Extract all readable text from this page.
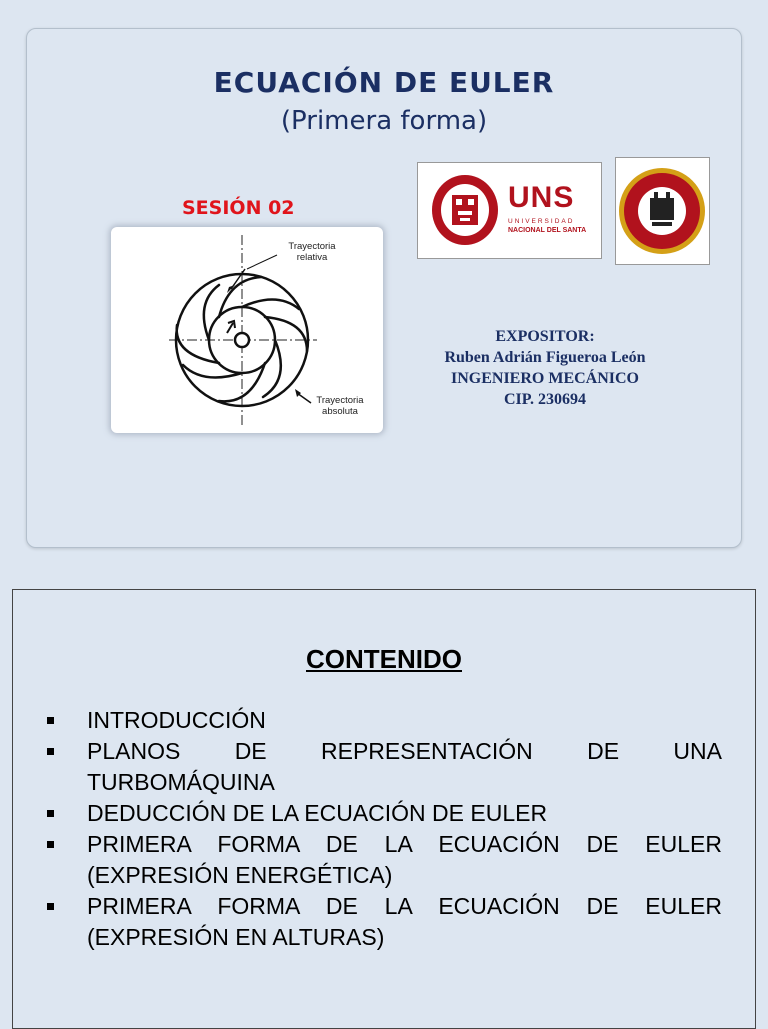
ECUACIÓN DE EULER
(Primera forma)
SESIÓN 02
Trayectoria
relativa
Trayectoria
absoluta
UNS
UNIVERSIDAD
NACIONAL DEL SANTA
EXPOSITOR:
Ruben Adrián Figueroa León
INGENIERO MECÁNICO
CIP. 230694
CONTENIDO
INTRODUCCIÓN
PLANOS DE REPRESENTACIÓN DE UNA
TURBOMÁQUINA
DEDUCCIÓN DE LA ECUACIÓN DE EULER
PRIMERA FORMA DE LA ECUACIÓN DE EULER
(EXPRESIÓN ENERGÉTICA)
PRIMERA FORMA DE LA ECUACIÓN DE EULER
(EXPRESIÓN EN ALTURAS)
